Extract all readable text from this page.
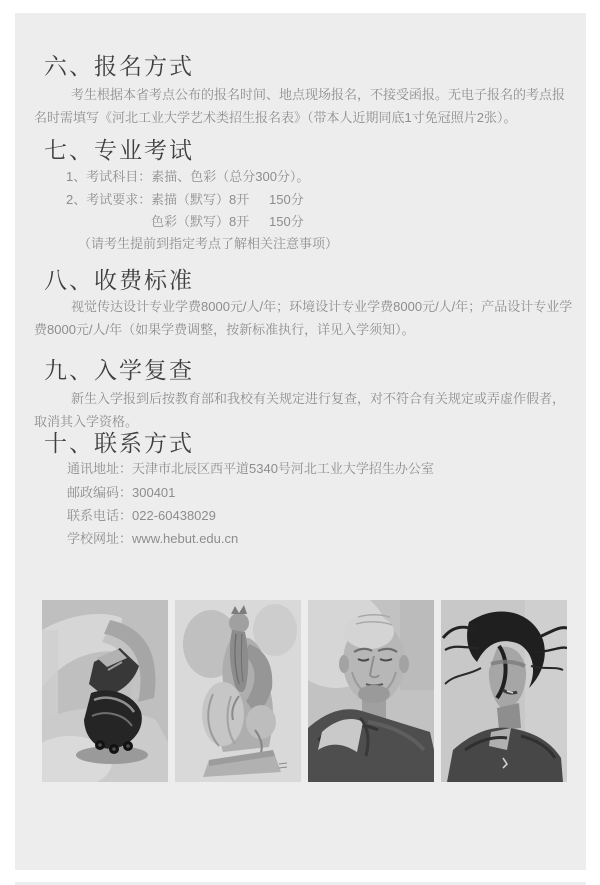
六、报名方式
考生根据本省考点公布的报名时间、地点现场报名，不接受函报。无电子报名的考点报名时需填写《河北工业大学艺术类招生报名表》（带本人近期同底1寸免冠照片2张）。
七、专业考试
1、考试科目：素描、色彩（总分300分）。
2、考试要求： 素描（默写） 8开	150分
色彩（默写） 8开	150分
（请考生提前到指定考点了解相关注意事项）
八、收费标准
视觉传达设计专业学费8000元/人/年；环境设计专业学费8000元/人/年；产品设计专业学费8000元/人/年（如果学费调整，按新标准执行，详见入学须知）。
九、入学复查
新生入学报到后按教育部和我校有关规定进行复查，对不符合有关规定或弄虚作假者，取消其入学资格。
十、联系方式
通讯地址：天津市北辰区西平道5340号河北工业大学招生办公室
邮政编码：300401
联系电话：022-60438029
学校网址：www.hebut.edu.cn
